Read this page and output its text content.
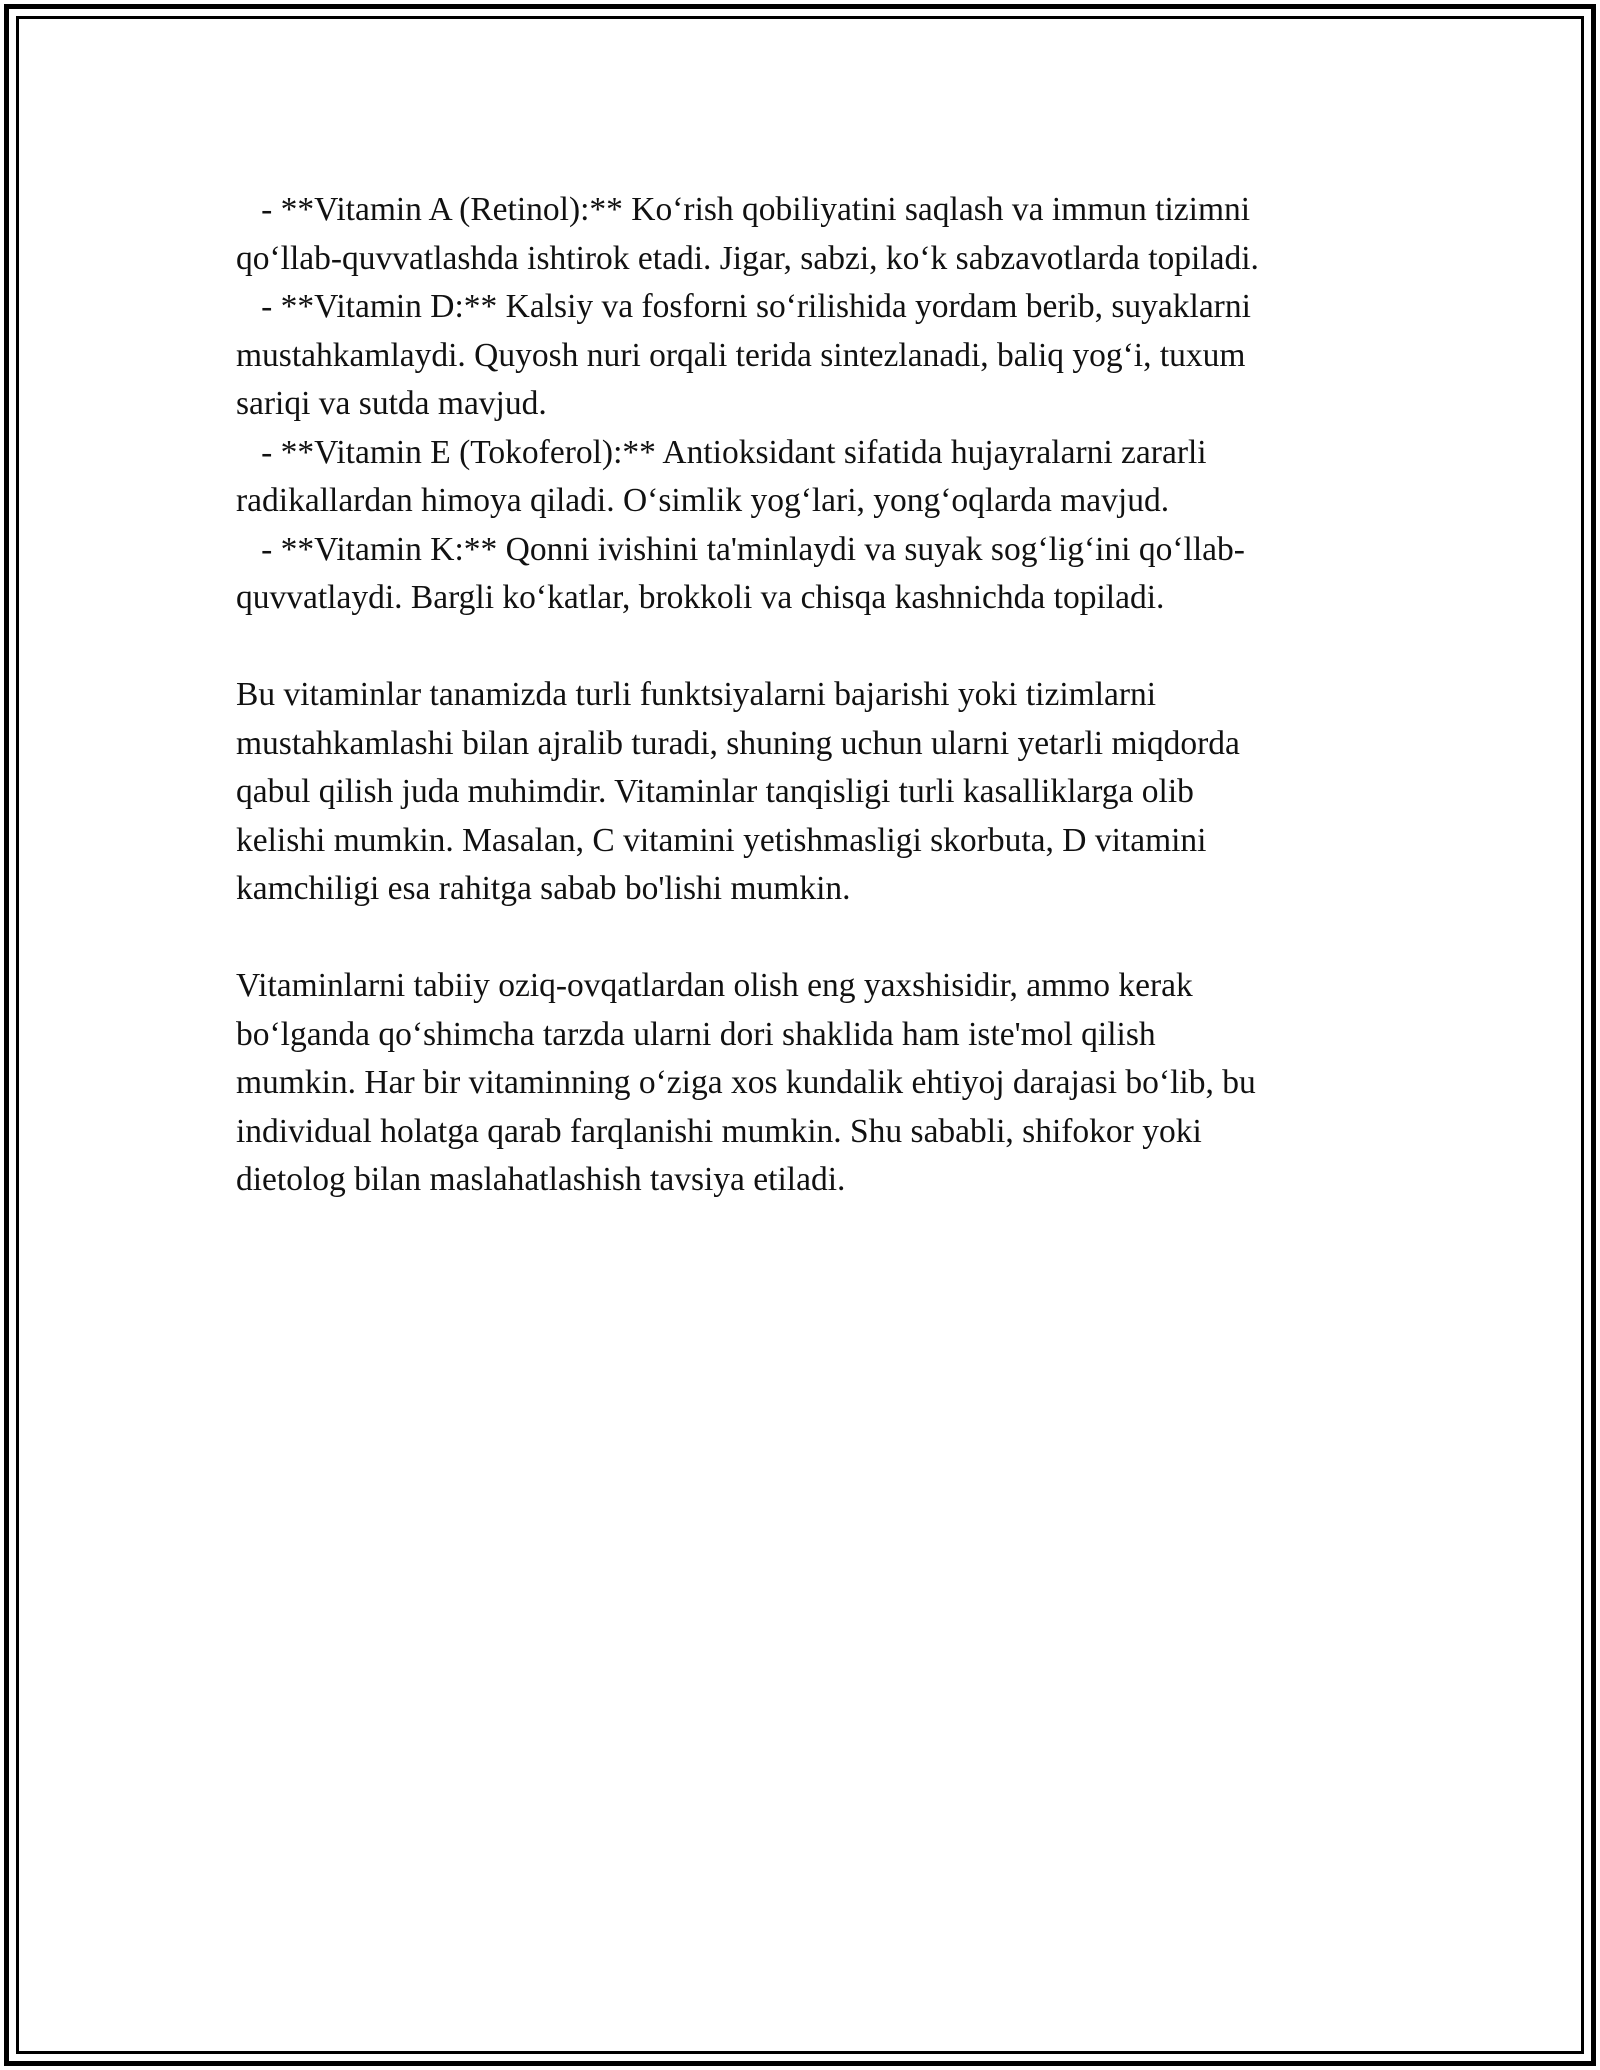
- **Vitamin A (Retinol):** Ko‘rish qobiliyatini saqlash va immun tizimni
qo‘llab-quvvatlashda ishtirok etadi. Jigar, sabzi, ko‘k sabzavotlarda topiladi.
- **Vitamin D:** Kalsiy va fosforni so‘rilishida yordam berib, suyaklarni
mustahkamlaydi. Quyosh nuri orqali terida sintezlanadi, baliq yog‘i, tuxum
sariqi va sutda mavjud.
- **Vitamin E (Tokoferol):** Antioksidant sifatida hujayralarni zararli
radikallardan himoya qiladi. O‘simlik yog‘lari, yong‘oqlarda mavjud.
- **Vitamin K:** Qonni ivishini ta'minlaydi va suyak sog‘lig‘ini qo‘llab-
quvvatlaydi. Bargli ko‘katlar, brokkoli va chisqa kashnichda topiladi.
Bu vitaminlar tanamizda turli funktsiyalarni bajarishi yoki tizimlarni
mustahkamlashi bilan ajralib turadi, shuning uchun ularni yetarli miqdorda
qabul qilish juda muhimdir. Vitaminlar tanqisligi turli kasalliklarga olib
kelishi mumkin. Masalan, C vitamini yetishmasligi skorbuta, D vitamini
kamchiligi esa rahitga sabab bo'lishi mumkin.
Vitaminlarni tabiiy oziq-ovqatlardan olish eng yaxshisidir, ammo kerak
bo‘lganda qo‘shimcha tarzda ularni dori shaklida ham iste'mol qilish
mumkin. Har bir vitaminning o‘ziga xos kundalik ehtiyoj darajasi bo‘lib, bu
individual holatga qarab farqlanishi mumkin. Shu sababli, shifokor yoki
dietolog bilan maslahatlashish tavsiya etiladi.
